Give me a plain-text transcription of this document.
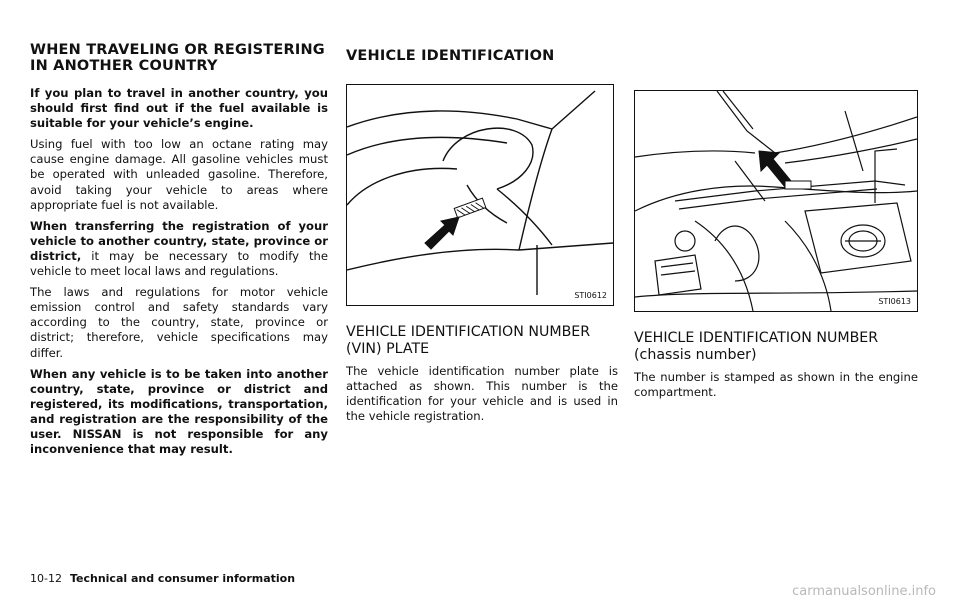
WHEN TRAVELING OR REGISTERING
IN ANOTHER COUNTRY

If you plan to travel in another country, you should first find out if the fuel available is suitable for your vehicle’s engine.

Using fuel with too low an octane rating may cause engine damage. All gasoline vehicles must be operated with unleaded gasoline. Therefore, avoid taking your vehicle to areas where appropriate fuel is not available.

When transferring the registration of your vehicle to another country, state, province or district, it may be necessary to modify the vehicle to meet local laws and regulations.

The laws and regulations for motor vehicle emission control and safety standards vary according to the country, state, province or district; therefore, vehicle specifications may differ.

When any vehicle is to be taken into another country, state, province or district and registered, its modifications, transportation, and registration are the responsibility of the user. NISSAN is not responsible for any inconvenience that may result.

VEHICLE IDENTIFICATION

STI0612

VEHICLE IDENTIFICATION NUMBER
(VIN) PLATE

The vehicle identification number plate is attached as shown. This number is the identification for your vehicle and is used in the vehicle registration.

STI0613

VEHICLE IDENTIFICATION NUMBER
(chassis number)

The number is stamped as shown in the engine compartment.

10-12 Technical and consumer information
carmanualsonline.info
